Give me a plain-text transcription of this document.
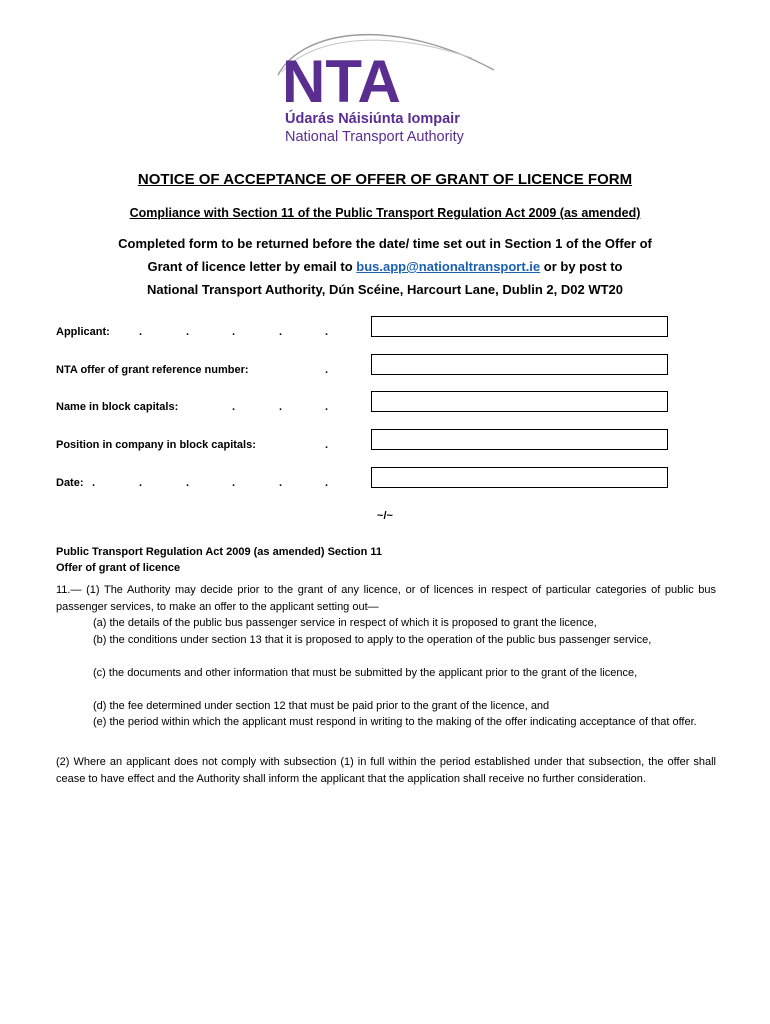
NTA
Údarás Náisiúnta Iompair
National Transport Authority
NOTICE OF ACCEPTANCE OF OFFER OF GRANT OF LICENCE FORM
Compliance with Section 11 of the Public Transport Regulation Act 2009 (as amended)
Completed form to be returned before the date/ time set out in Section 1 of the Offer of
Grant of licence letter by email to bus.app@nationaltransport.ie or by post to
National Transport Authority, Dún Scéine, Harcourt Lane, Dublin 2, D02 WT20
Applicant:	.	.	.	.	.
NTA offer of grant reference number:	.
Name in block capitals:	.	.	.
Position in company in block capitals:	.
Date: .	.	.	.	.	.
~/~
Public Transport Regulation Act 2009 (as amended) Section 11
Offer of grant of licence
11.— (1) The Authority may decide prior to the grant of any licence, or of licences in respect of particular categories of public bus passenger services, to make an offer to the applicant setting out—
(a) the details of the public bus passenger service in respect of which it is proposed to grant the licence,
(b) the conditions under section 13 that it is proposed to apply to the operation of the public bus passenger service,
(c) the documents and other information that must be submitted by the applicant prior to the grant of the licence,
(d) the fee determined under section 12 that must be paid prior to the grant of the licence, and
(e) the period within which the applicant must respond in writing to the making of the offer indicating acceptance of that offer.
(2) Where an applicant does not comply with subsection (1) in full within the period established under that subsection, the offer shall cease to have effect and the Authority shall inform the applicant that the application shall receive no further consideration.
